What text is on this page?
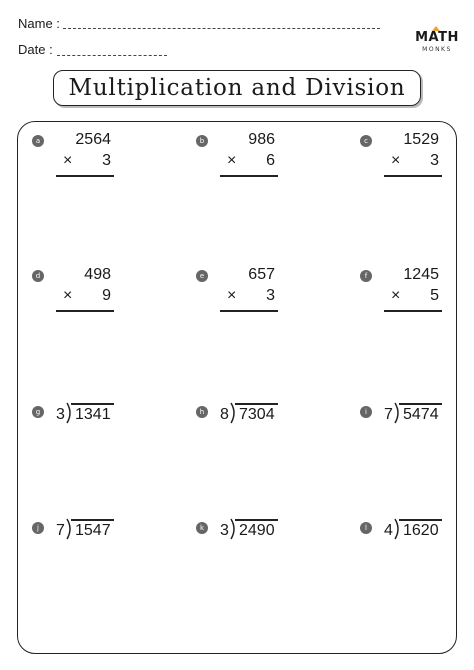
Name :
Date :
MATH
MONKS
Multiplication and Division
a	2564
×	3
b	986
×	6
c	1529
×	3
d	498
×	9
e	657
×	3
f	1245
×	5
g 3 1341	h 8 7304	i	7 5474
j	7 1547	k 3 2490	l	4 1620
